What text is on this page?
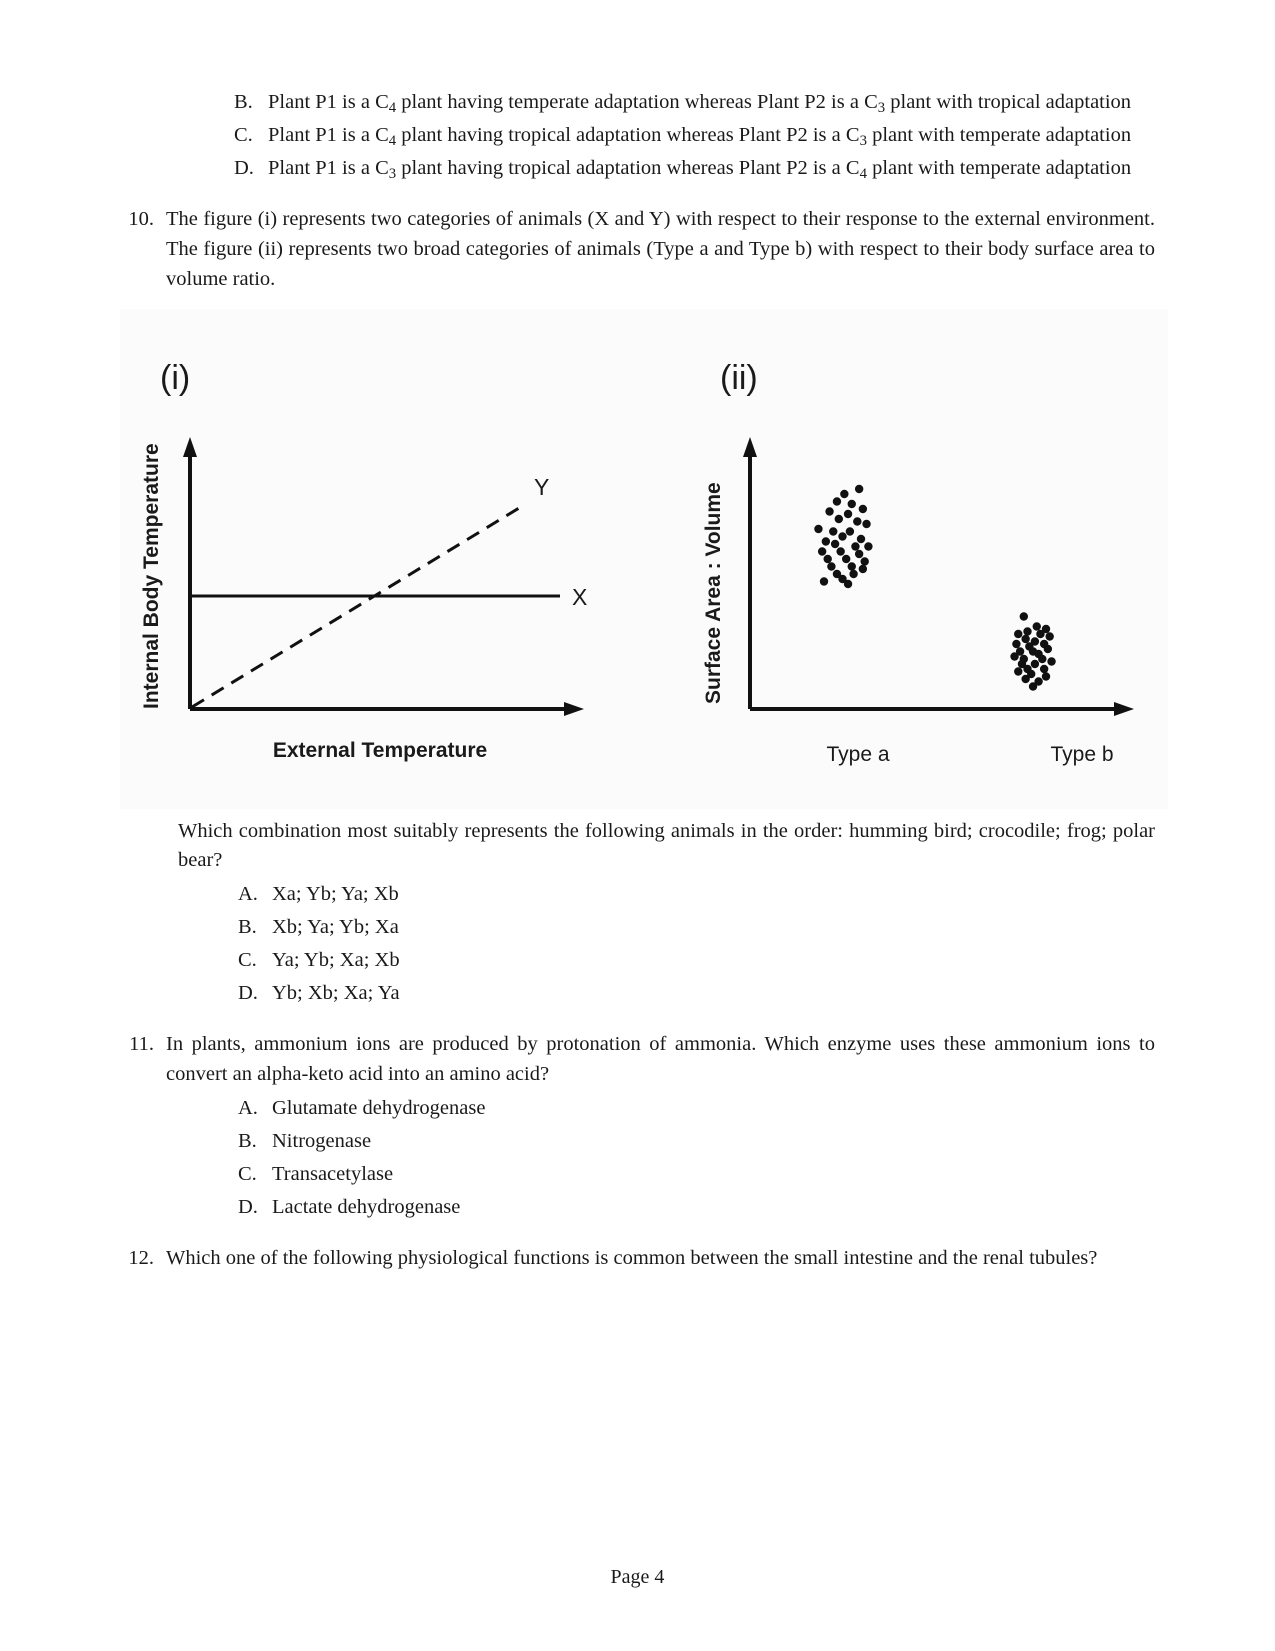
B. Plant P1 is a $C_4$ plant having temperate adaptation whereas Plant P2 is a $C_3$ plant with tropical adaptation
C. Plant P1 is a $C_4$ plant having tropical adaptation whereas Plant P2 is a $C_3$ plant with temperate adaptation
D. Plant P1 is a $C_3$ plant having tropical adaptation whereas Plant P2 is a $C_4$ plant with temperate adaptation
10. The figure (i) represents two categories of animals (X and Y) with respect to their response to the external environment. The figure (ii) represents two broad categories of animals (Type a and Type b) with respect to their body surface area to volume ratio.
(i)
Internal Body Temperature	X
Y
External Temperature
(ii)
Surface Area : Volume
Type a	Type b
Which combination most suitably represents the following animals in the order: humming bird; crocodile; frog; polar bear?
A. Xa; Yb; Ya; Xb
B. Xb; Ya; Yb; Xa
C. Ya; Yb; Xa; Xb
D. Yb; Xb; Xa; Ya
11. In plants, ammonium ions are produced by protonation of ammonia. Which enzyme uses these ammonium ions to convert an alpha-keto acid into an amino acid?
A. Glutamate dehydrogenase
B. Nitrogenase
C. Transacetylase
D. Lactate dehydrogenase
12. Which one of the following physiological functions is common between the small intestine and the renal tubules?
Page 4
